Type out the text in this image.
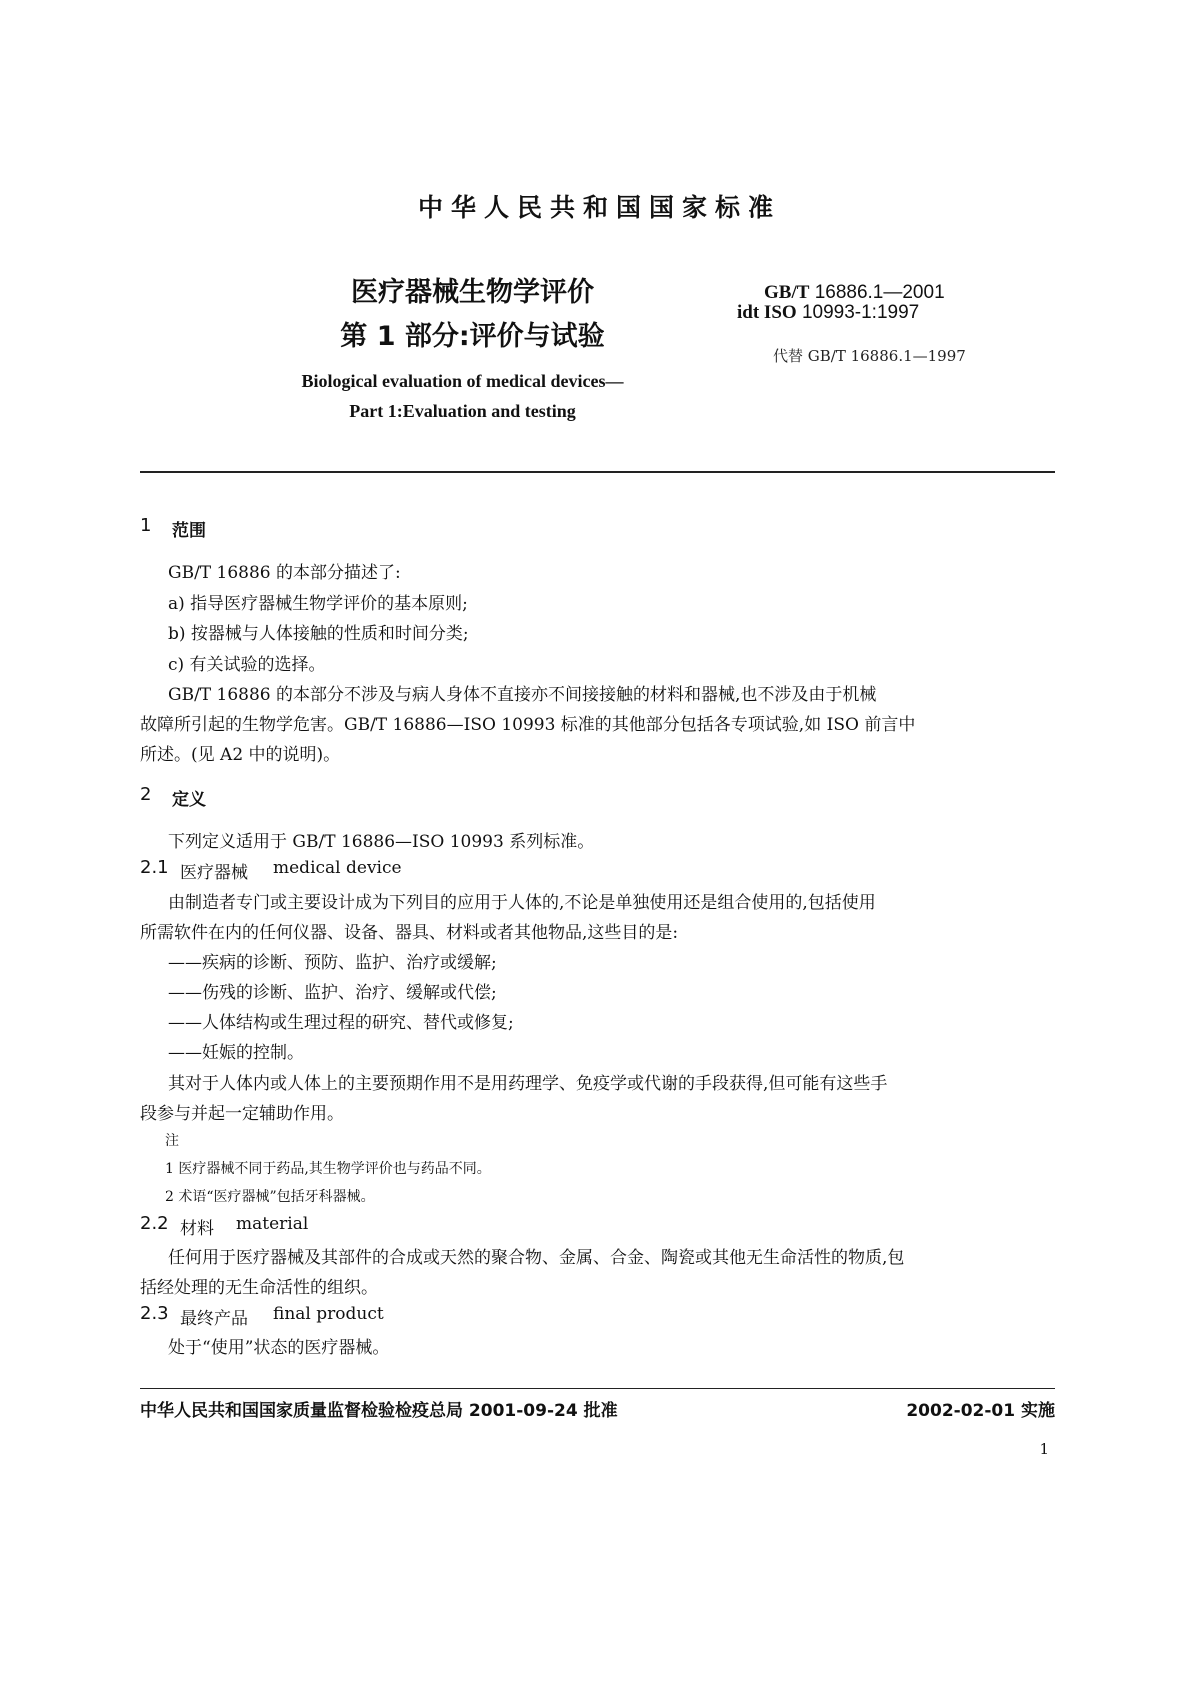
中华人民共和国国家标准
医疗器械生物学评价
第 1 部分:评价与试验
GB/T 16886.1—2001
idt ISO 10993-1:1997
代替 GB/T 16886.1—1997
Biological evaluation of medical devices—
Part 1:Evaluation and testing
1 范围
GB/T 16886 的本部分描述了:
a) 指导医疗器械生物学评价的基本原则;
b) 按器械与人体接触的性质和时间分类;
c) 有关试验的选择。
GB/T 16886 的本部分不涉及与病人身体不直接亦不间接接触的材料和器械,也不涉及由于机械
故障所引起的生物学危害。GB/T 16886—ISO 10993 标准的其他部分包括各专项试验,如 ISO 前言中
所述。(见 A2 中的说明)。
2 定义
下列定义适用于 GB/T 16886—ISO 10993 系列标准。
2.1 医疗器械 medical device
由制造者专门或主要设计成为下列目的应用于人体的,不论是单独使用还是组合使用的,包括使用
所需软件在内的任何仪器、设备、器具、材料或者其他物品,这些目的是:
——疾病的诊断、预防、监护、治疗或缓解;
——伤残的诊断、监护、治疗、缓解或代偿;
——人体结构或生理过程的研究、替代或修复;
——妊娠的控制。
其对于人体内或人体上的主要预期作用不是用药理学、免疫学或代谢的手段获得,但可能有这些手
段参与并起一定辅助作用。
注
1 医疗器械不同于药品,其生物学评价也与药品不同。
2 术语“医疗器械”包括牙科器械。
2.2 材料 material
任何用于医疗器械及其部件的合成或天然的聚合物、金属、合金、陶瓷或其他无生命活性的物质,包
括经处理的无生命活性的组织。
2.3 最终产品 final product
处于“使用”状态的医疗器械。
中华人民共和国国家质量监督检验检疫总局 2001-09-24 批准	2002-02-01 实施
1
